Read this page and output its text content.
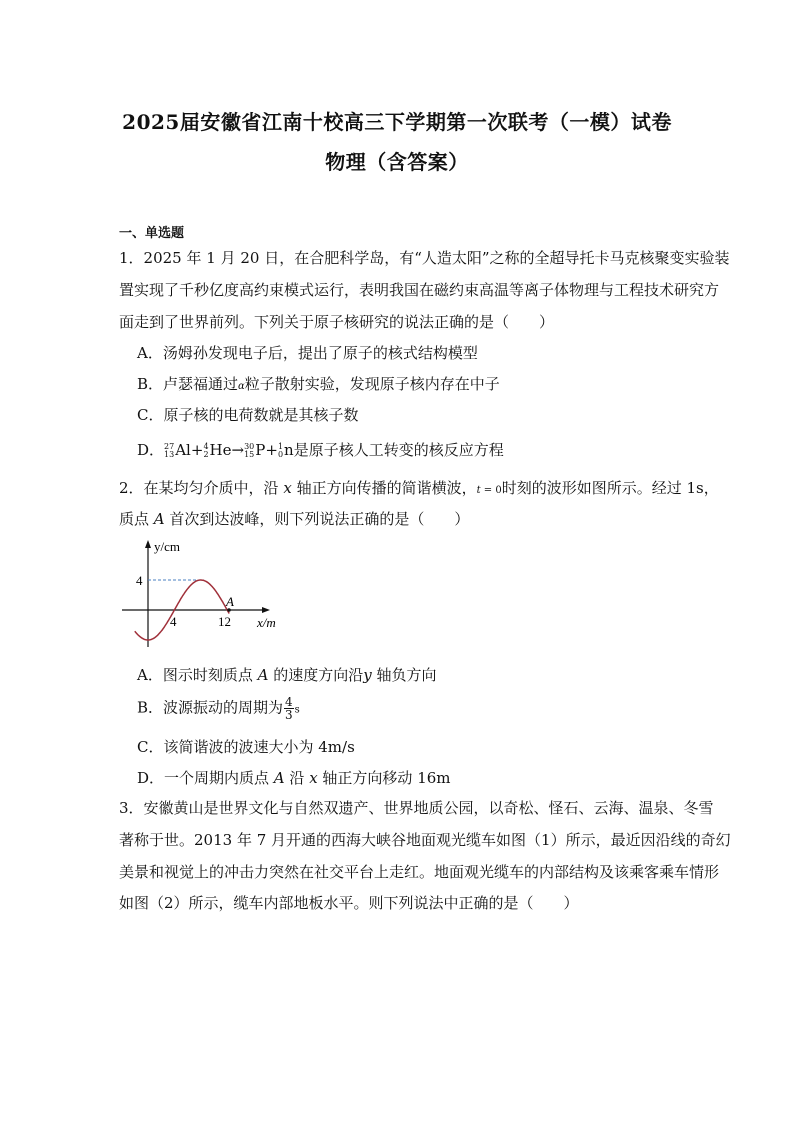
2025届安徽省江南十校高三下学期第一次联考（一模）试卷
物理（含答案）
一、单选题
1．2025 年 1 月 20 日，在合肥科学岛，有“人造太阳”之称的全超导托卡马克核聚变实验装
置实现了千秒亿度高约束模式运行，表明我国在磁约束高温等离子体物理与工程技术研究方
面走到了世界前列。下列关于原子核研究的说法正确的是（　　）
A．汤姆孙发现电子后，提出了原子的核式结构模型
B．卢瑟福通过α粒子散射实验，发现原子核内存在中子
C．原子核的电荷数就是其核子数
D． 27
13 Al+ 4
2 He→ 30
15 P+ 1
0 n是原子核人工转变的核反应方程
2．在某均匀介质中，沿 x 轴正方向传播的简谐横波，t = 0时刻的波形如图所示。经过 1s，
质点 A 首次到达波峰，则下列说法正确的是（　　）
y/cm
4
4	12
A
x/m
A．图示时刻质点 A 的速度方向沿y 轴负方向
B．波源振动的周期为 $\frac{4}{3}$ s
C．该简谐波的波速大小为 4m/s
D．一个周期内质点 A 沿 x 轴正方向移动 16m
3．安徽黄山是世界文化与自然双遗产、世界地质公园，以奇松、怪石、云海、温泉、冬雪
著称于世。2013 年 7 月开通的西海大峡谷地面观光缆车如图（1）所示，最近因沿线的奇幻
美景和视觉上的冲击力突然在社交平台上走红。地面观光缆车的内部结构及该乘客乘车情形
如图（2）所示，缆车内部地板水平。则下列说法中正确的是（　　）
